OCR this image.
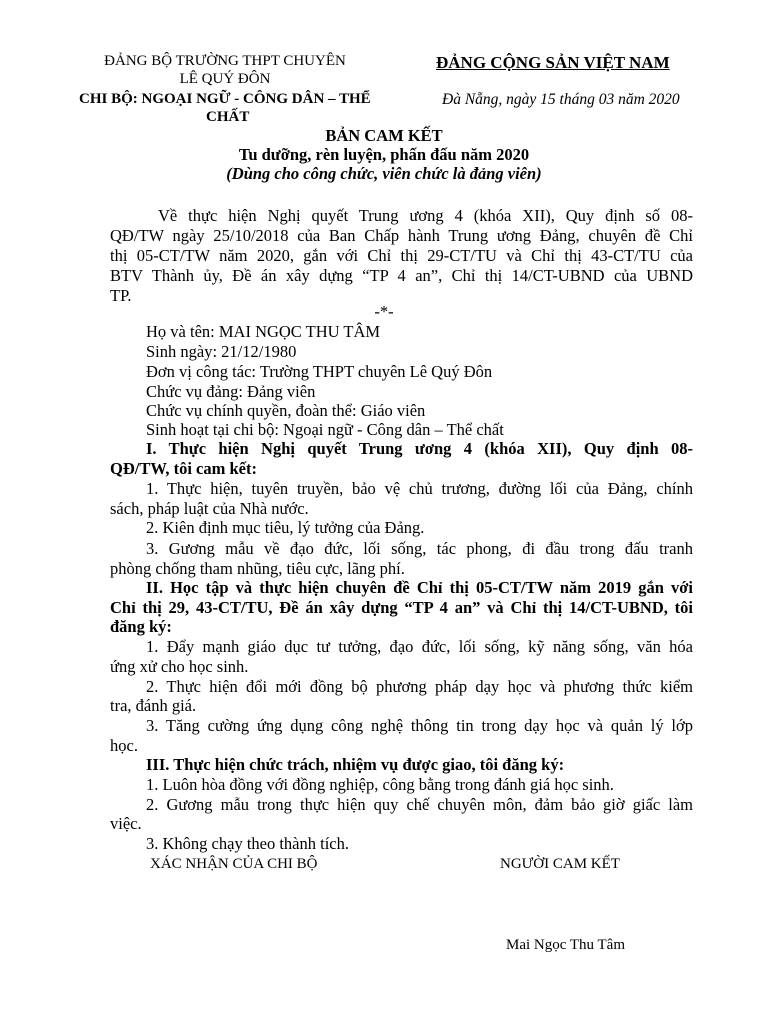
ĐẢNG BỘ TRƯỜNG THPT CHUYÊN
LÊ QUÝ ĐÔN
CHI BỘ: NGOẠI NGỮ - CÔNG DÂN – THỂ
CHẤT
ĐẢNG CỘNG SẢN VIỆT NAM
Đà Nẵng, ngày 15 tháng 03 năm 2020
BẢN CAM KẾT
Tu dưỡng, rèn luyện, phấn đấu năm 2020
(Dùng cho công chức, viên chức là đảng viên)
Về thực hiện Nghị quyết Trung ương 4 (khóa XII), Quy định số 08-
QĐ/TW ngày 25/10/2018 của Ban Chấp hành Trung ương Đảng, chuyên đề Chỉ
thị 05-CT/TW năm 2020, gắn với Chỉ thị 29-CT/TU và Chỉ thị 43-CT/TU của
BTV Thành ủy, Đề án xây dựng “TP 4 an”, Chỉ thị 14/CT-UBND của UBND
TP.
-*-
Họ và tên: MAI NGỌC THU TÂM
Sinh ngày: 21/12/1980
Đơn vị công tác: Trường THPT chuyên Lê Quý Đôn
Chức vụ đảng: Đảng viên
Chức vụ chính quyền, đoàn thể: Giáo viên
Sinh hoạt tại chi bộ: Ngoại ngữ - Công dân – Thể chất
I. Thực hiện Nghị quyết Trung ương 4 (khóa XII), Quy định 08-
QĐ/TW, tôi cam kết:
1. Thực hiện, tuyên truyền, bảo vệ chủ trương, đường lối của Đảng, chính
sách, pháp luật của Nhà nước.
2. Kiên định mục tiêu, lý tưởng của Đảng.
3. Gương mẫu về đạo đức, lối sống, tác phong, đi đầu trong đấu tranh
phòng chống tham nhũng, tiêu cực, lãng phí.
II. Học tập và thực hiện chuyên đề Chỉ thị 05-CT/TW năm 2019 gắn với
Chỉ thị 29, 43-CT/TU, Đề án xây dựng “TP 4 an” và Chỉ thị 14/CT-UBND, tôi
đăng ký:
1. Đẩy mạnh giáo dục tư tưởng, đạo đức, lối sống, kỹ năng sống, văn hóa
ứng xử cho học sinh.
2. Thực hiện đổi mới đồng bộ phương pháp dạy học và phương thức kiểm
tra, đánh giá.
3. Tăng cường ứng dụng công nghệ thông tin trong dạy học và quản lý lớp
học.
III. Thực hiện chức trách, nhiệm vụ được giao, tôi đăng ký:
1. Luôn hòa đồng với đồng nghiệp, công bằng trong đánh giá học sinh.
2. Gương mẫu trong thực hiện quy chế chuyên môn, đảm bảo giờ giấc làm
việc.
3. Không chạy theo thành tích.
XÁC NHẬN CỦA CHI BỘ	NGƯỜI CAM KẾT
Mai Ngọc Thu Tâm
